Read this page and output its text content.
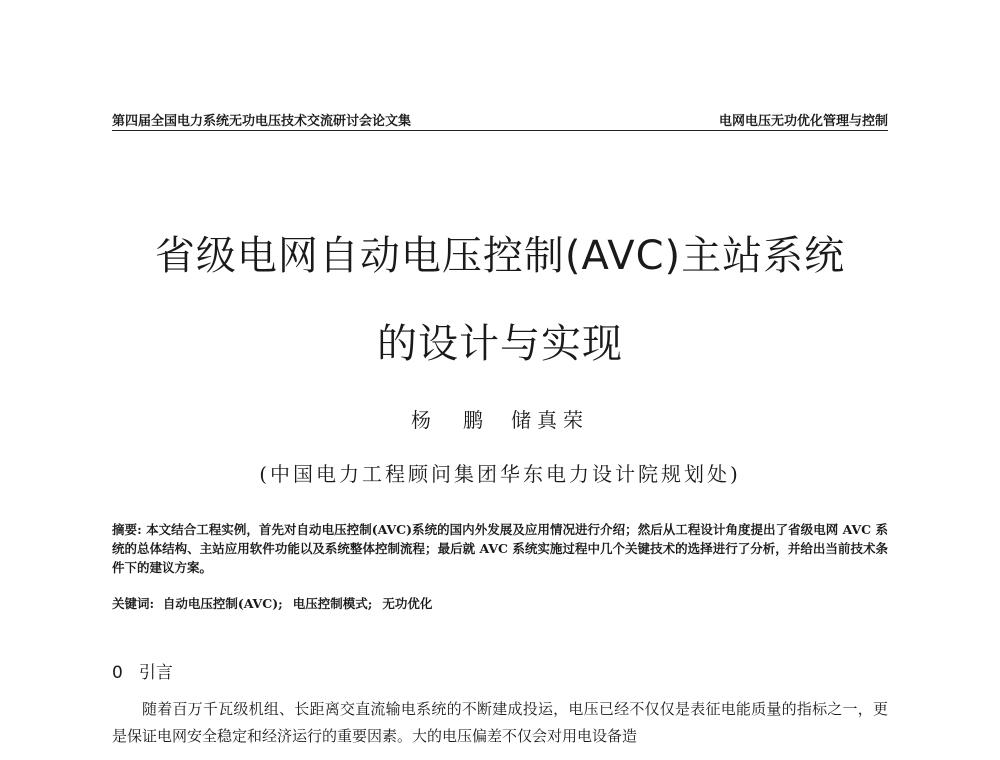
第四届全国电力系统无功电压技术交流研讨会论文集	电网电压无功优化管理与控制
省级电网自动电压控制(AVC)主站系统
的设计与实现
杨　鹏 储真荣
(中国电力工程顾问集团华东电力设计院规划处)
摘要: 本文结合工程实例，首先对自动电压控制(AVC)系统的国内外发展及应用情况进行介绍；然后从工程设计角度提出了省级电网 AVC 系统的总体结构、主站应用软件功能以及系统整体控制流程；最后就 AVC 系统实施过程中几个关键技术的选择进行了分析，并给出当前技术条件下的建议方案。
关键词:  自动电压控制(AVC); 电压控制模式; 无功优化
0 引言
随着百万千瓦级机组、长距离交直流输电系统的不断建成投运，电压已经不仅仅是表征电能质量的指标之一，更是保证电网安全稳定和经济运行的重要因素。大的电压偏差不仅会对用电设备造
